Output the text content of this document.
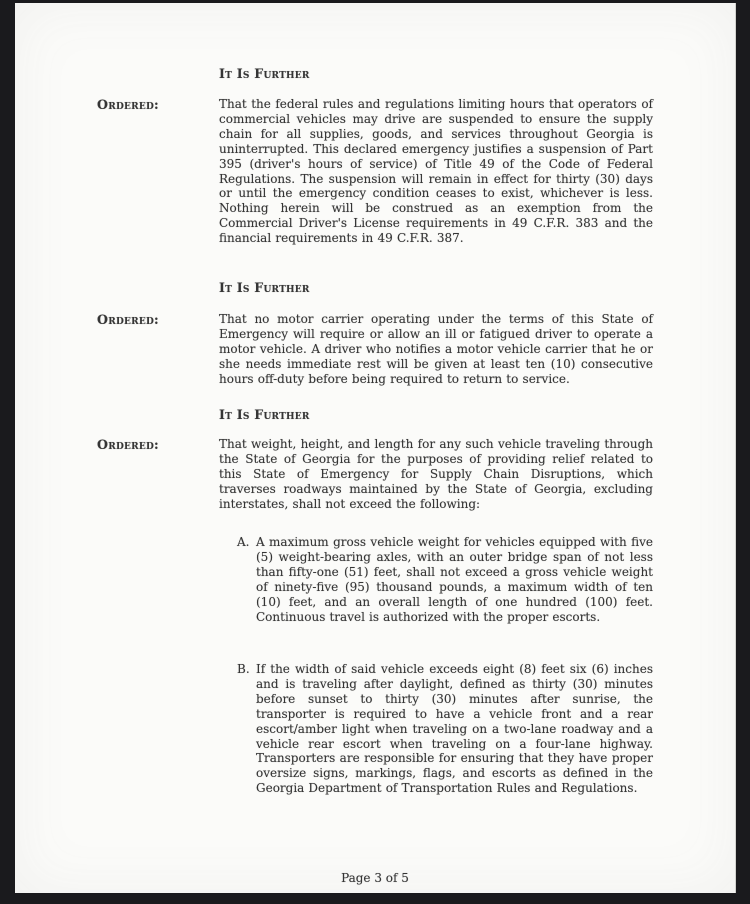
It Is Further
Ordered:	That the federal rules and regulations limiting hours that operators of commercial vehicles may drive are suspended to ensure the supply chain for all supplies, goods, and services throughout Georgia is uninterrupted. This declared emergency justifies a suspension of Part 395 (driver's hours of service) of Title 49 of the Code of Federal Regulations. The suspension will remain in effect for thirty (30) days or until the emergency condition ceases to exist, whichever is less. Nothing herein will be construed as an exemption from the Commercial Driver's License requirements in 49 C.F.R. 383 and the financial requirements in 49 C.F.R. 387.
It Is Further
Ordered:	That no motor carrier operating under the terms of this State of Emergency will require or allow an ill or fatigued driver to operate a motor vehicle. A driver who notifies a motor vehicle carrier that he or she needs immediate rest will be given at least ten (10) consecutive hours off-duty before being required to return to service.
It Is Further
Ordered:	That weight, height, and length for any such vehicle traveling through the State of Georgia for the purposes of providing relief related to this State of Emergency for Supply Chain Disruptions, which traverses roadways maintained by the State of Georgia, excluding interstates, shall not exceed the following:
A. A maximum gross vehicle weight for vehicles equipped with five (5) weight-bearing axles, with an outer bridge span of not less than fifty-one (51) feet, shall not exceed a gross vehicle weight of ninety-five (95) thousand pounds, a maximum width of ten (10) feet, and an overall length of one hundred (100) feet. Continuous travel is authorized with the proper escorts.
B. If the width of said vehicle exceeds eight (8) feet six (6) inches and is traveling after daylight, defined as thirty (30) minutes before sunset to thirty (30) minutes after sunrise, the transporter is required to have a vehicle front and a rear escort/amber light when traveling on a two-lane roadway and a vehicle rear escort when traveling on a four-lane highway. Transporters are responsible for ensuring that they have proper oversize signs, markings, flags, and escorts as defined in the Georgia Department of Transportation Rules and Regulations.
Page 3 of 5
